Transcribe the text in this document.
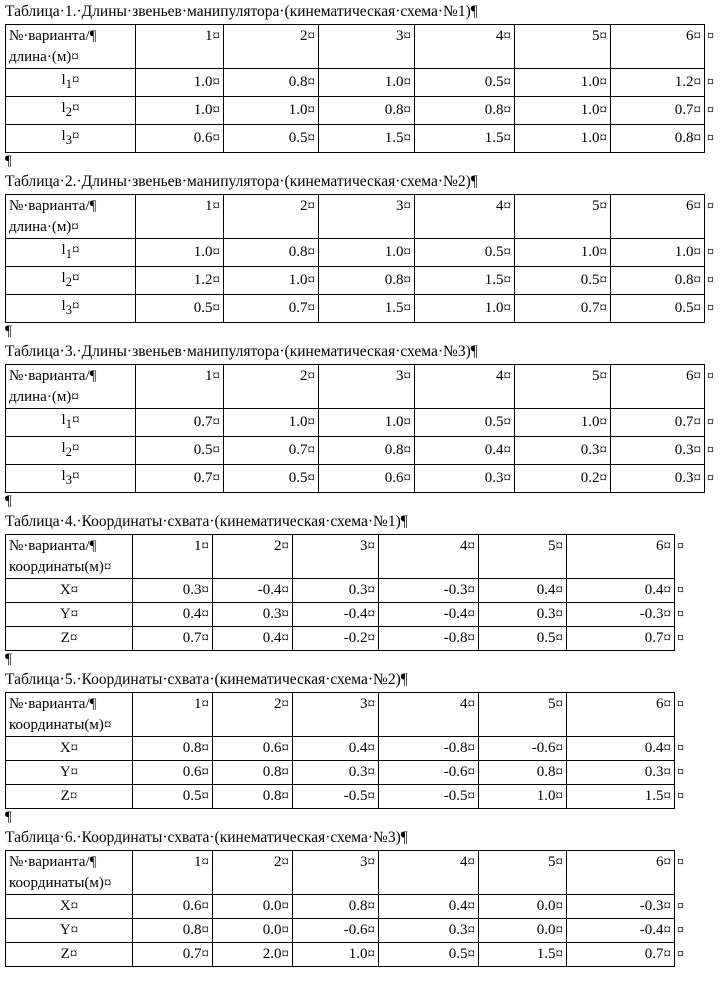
Таблица·1.·Длины·звеньев·манипулятора·(кинематическая·схема·№1)¶
№·варианта/¶
длина·(м)¤	1¤	2¤	3¤	4¤	5¤	6¤	¤
$l_1¤$	1.0¤	0.8¤	1.0¤	0.5¤	1.0¤	1.2¤	¤
$l_2¤$	1.0¤	1.0¤	0.8¤	0.8¤	1.0¤	0.7¤	¤
$l_3¤$	0.6¤	0.5¤	1.5¤	1.5¤	1.0¤	0.8¤	¤
¶
Таблица·2.·Длины·звеньев·манипулятора·(кинематическая·схема·№2)¶
№·варианта/¶
длина·(м)¤	1¤	2¤	3¤	4¤	5¤	6¤	¤
$l_1¤$	1.0¤	0.8¤	1.0¤	0.5¤	1.0¤	1.0¤	¤
$l_2¤$	1.2¤	1.0¤	0.8¤	1.5¤	0.5¤	0.8¤	¤
$l_3¤$	0.5¤	0.7¤	1.5¤	1.0¤	0.7¤	0.5¤	¤
¶
Таблица·3.·Длины·звеньев·манипулятора·(кинематическая·схема·№3)¶
№·варианта/¶
длина·(м)¤	1¤	2¤	3¤	4¤	5¤	6¤	¤
$l_1¤$	0.7¤	1.0¤	1.0¤	0.5¤	1.0¤	0.7¤	¤
$l_2¤$	0.5¤	0.7¤	0.8¤	0.4¤	0.3¤	0.3¤	¤
$l_3¤$	0.7¤	0.5¤	0.6¤	0.3¤	0.2¤	0.3¤	¤
¶
Таблица·4.·Координаты·схвата·(кинематическая·схема·№1)¶
№·варианта/¶
координаты(м)¤	1¤	2¤	3¤	4¤	5¤	6¤	¤
X¤	0.3¤	-0.4¤	0.3¤	-0.3¤	0.4¤	0.4¤	¤
Y¤	0.4¤	0.3¤	-0.4¤	-0.4¤	0.3¤	-0.3¤	¤
Z¤	0.7¤	0.4¤	-0.2¤	-0.8¤	0.5¤	0.7¤	¤
¶
Таблица·5.·Координаты·схвата·(кинематическая·схема·№2)¶
№·варианта/¶
координаты(м)¤	1¤	2¤	3¤	4¤	5¤	6¤	¤
X¤	0.8¤	0.6¤	0.4¤	-0.8¤	-0.6¤	0.4¤	¤
Y¤	0.6¤	0.8¤	0.3¤	-0.6¤	0.8¤	0.3¤	¤
Z¤	0.5¤	0.8¤	-0.5¤	-0.5¤	1.0¤	1.5¤	¤
¶
Таблица·6.·Координаты·схвата·(кинематическая·схема·№3)¶
№·варианта/¶
координаты(м)¤	1¤	2¤	3¤	4¤	5¤	6¤	¤
X¤	0.6¤	0.0¤	0.8¤	0.4¤	0.0¤	-0.3¤	¤
Y¤	0.8¤	0.0¤	-0.6¤	0.3¤	0.0¤	-0.4¤	¤
Z¤	0.7¤	2.0¤	1.0¤	0.5¤	1.5¤	0.7¤	¤
